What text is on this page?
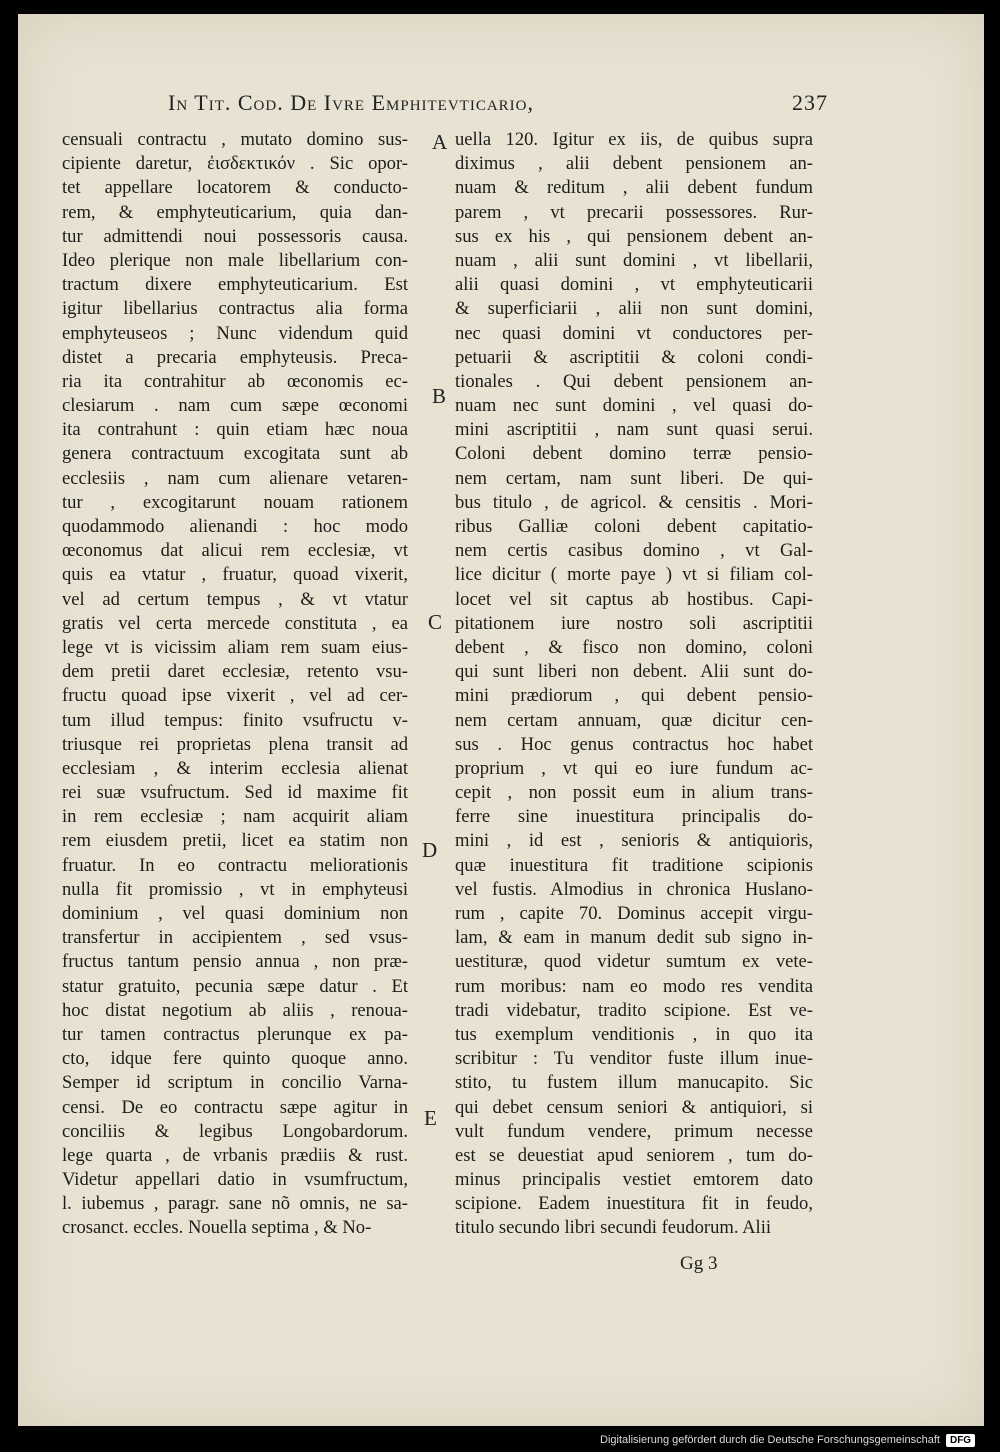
In Tit. Cod. De Ivre Emphitevticario,	237
censuali contractu , mutato domino sus-
cipiente daretur, ἐισδεκτικόν . Sic opor-
tet appellare locatorem & conducto-
rem, & emphyteuticarium, quia dan-
tur admittendi noui possessoris causa.
Ideo plerique non male libellarium con-
tractum dixere emphyteuticarium. Est
igitur libellarius contractus alia forma
emphyteuseos ; Nunc videndum quid
distet a precaria emphyteusis. Preca-
ria ita contrahitur ab œconomis ec-
clesiarum . nam cum sæpe œconomi
ita contrahunt : quin etiam hæc noua
genera contractuum excogitata sunt ab
ecclesiis , nam cum alienare vetaren-
tur , excogitarunt nouam rationem
quodammodo alienandi : hoc modo
œconomus dat alicui rem ecclesiæ, vt
quis ea vtatur , fruatur, quoad vixerit,
vel ad certum tempus , & vt vtatur
gratis vel certa mercede constituta , ea
lege vt is vicissim aliam rem suam eius-
dem pretii daret ecclesiæ, retento vsu-
fructu quoad ipse vixerit , vel ad cer-
tum illud tempus: finito vsufructu v-
triusque rei proprietas plena transit ad
ecclesiam , & interim ecclesia alienat
rei suæ vsufructum. Sed id maxime fit
in rem ecclesiæ ; nam acquirit aliam
rem eiusdem pretii, licet ea statim non
fruatur. In eo contractu meliorationis
nulla fit promissio , vt in emphyteusi
dominium , vel quasi dominium non
transfertur in accipientem , sed vsus-
fructus tantum pensio annua , non præ-
statur gratuito, pecunia sæpe datur . Et
hoc distat negotium ab aliis , renoua-
tur tamen contractus plerunque ex pa-
cto, idque fere quinto quoque anno.
Semper id scriptum in concilio Varna-
censi. De eo contractu sæpe agitur in
conciliis & legibus Longobardorum.
lege quarta , de vrbanis prædiis & rust.
Videtur appellari datio in vsumfructum,
l. iubemus , paragr. sane nõ omnis, ne sa-
crosanct. eccles. Nouella septima , & No-
uella 120. Igitur ex iis, de quibus supra
diximus , alii debent pensionem an-
nuam & reditum , alii debent fundum
parem , vt precarii possessores. Rur-
sus ex his , qui pensionem debent an-
nuam , alii sunt domini , vt libellarii,
alii quasi domini , vt emphyteuticarii
& superficiarii , alii non sunt domini,
nec quasi domini vt conductores per-
petuarii & ascriptitii & coloni condi-
tionales . Qui debent pensionem an-
nuam nec sunt domini , vel quasi do-
mini ascriptitii , nam sunt quasi serui.
Coloni debent domino terræ pensio-
nem certam, nam sunt liberi. De qui-
bus titulo , de agricol. & censitis . Mori-
ribus Galliæ coloni debent capitatio-
nem certis casibus domino , vt Gal-
lice dicitur ( morte paye ) vt si filiam col-
locet vel sit captus ab hostibus. Capi-
pitationem iure nostro soli ascriptitii
debent , & fisco non domino, coloni
qui sunt liberi non debent. Alii sunt do-
mini prædiorum , qui debent pensio-
nem certam annuam, quæ dicitur cen-
sus . Hoc genus contractus hoc habet
proprium , vt qui eo iure fundum ac-
cepit , non possit eum in alium trans-
ferre sine inuestitura principalis do-
mini , id est , senioris & antiquioris,
quæ inuestitura fit traditione scipionis
vel fustis. Almodius in chronica Huslano-
rum , capite 70. Dominus accepit virgu-
lam, & eam in manum dedit sub signo in-
uestituræ, quod videtur sumtum ex vete-
rum moribus: nam eo modo res vendita
tradi videbatur, tradito scipione. Est ve-
tus exemplum venditionis , in quo ita
scribitur : Tu venditor fuste illum inue-
stito, tu fustem illum manucapito. Sic
qui debet censum seniori & antiquiori, si
vult fundum vendere, primum necesse
est se deuestiat apud seniorem , tum do-
minus principalis vestiet emtorem dato
scipione. Eadem inuestitura fit in feudo,
titulo secundo libri secundi feudorum. Alii
A
B
C
D
E
Gg 3
Digitalisierung gefördert durch die Deutsche Forschungsgemeinschaft	DFG
